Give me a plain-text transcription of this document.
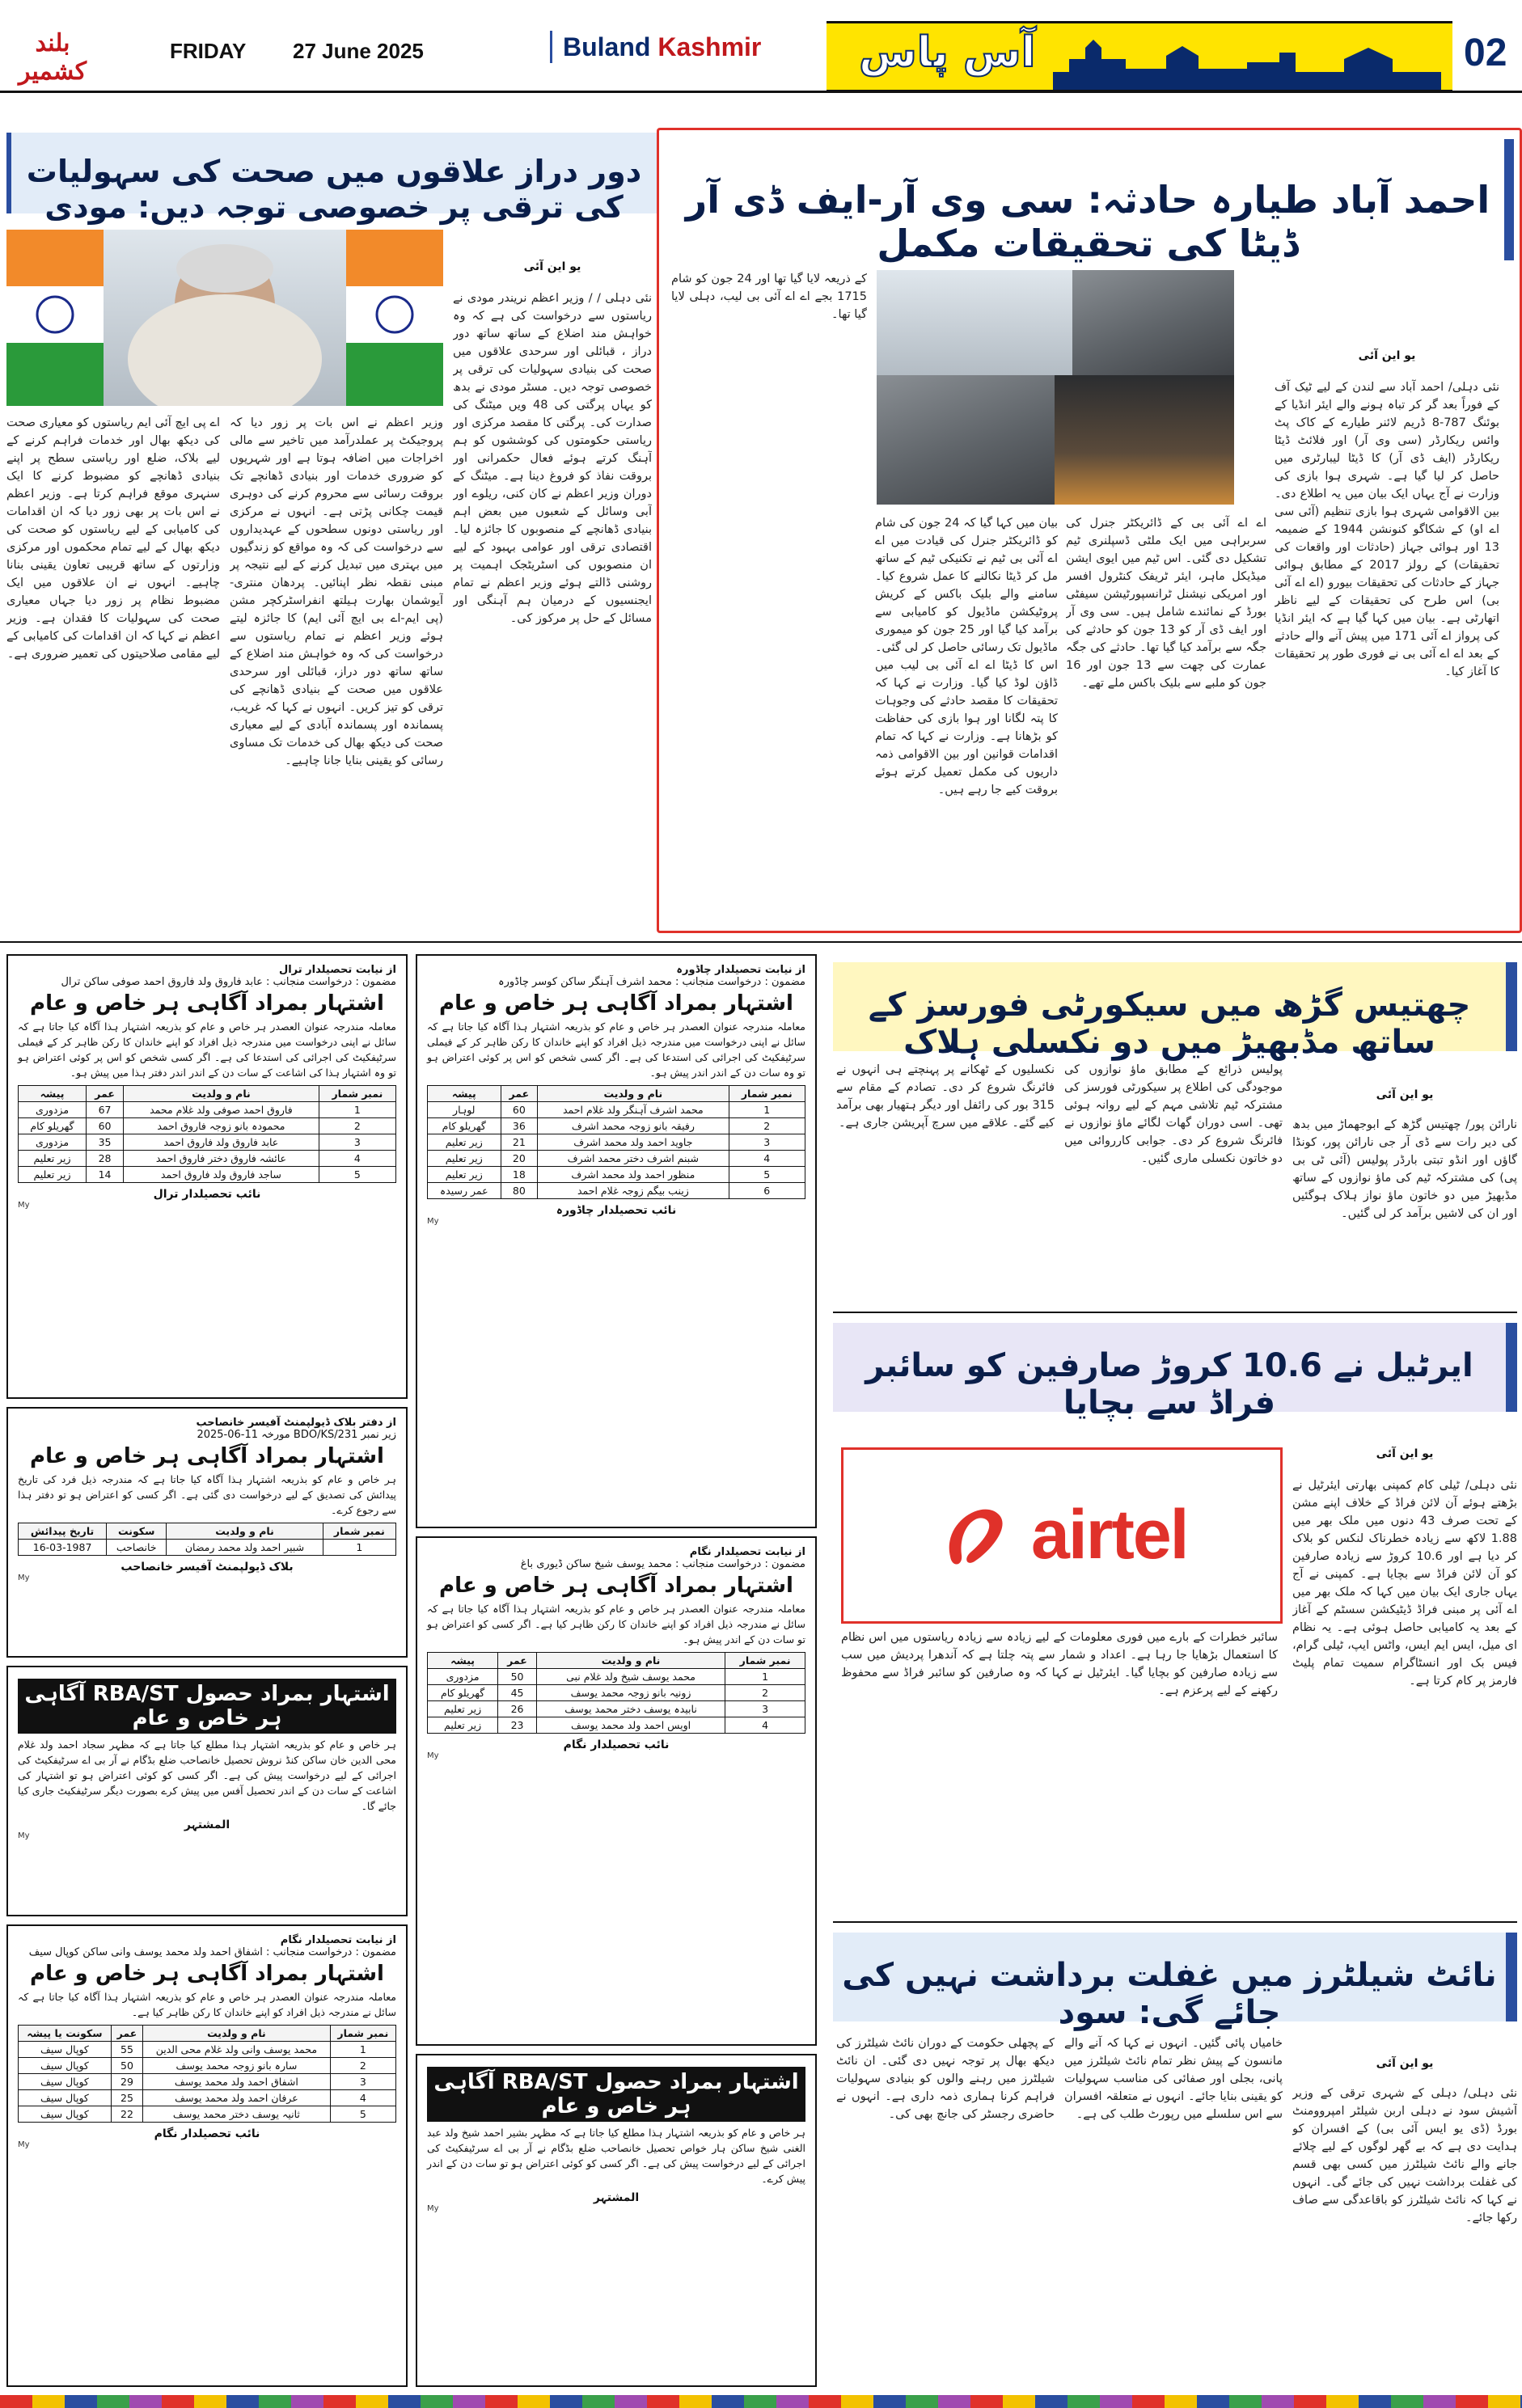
بلند کشمیر
FRIDAY 27 June 2025	Buland Kashmir آس پاس	02
دور دراز علاقوں میں صحت کی سہولیات کی ترقی پر خصوصی توجہ دیں: مودی
یو این آئی
نئی دہلی / / وزیر اعظم نریندر مودی نے ریاستوں سے درخواست کی ہے کہ وہ خواہش مند اضلاع کے ساتھ ساتھ دور دراز ، قبائلی اور سرحدی علاقوں میں صحت کی بنیادی سہولیات کی ترقی پر خصوصی توجہ دیں۔ مسٹر مودی نے بدھ کو یہاں پرگتی کی 48 ویں میٹنگ کی صدارت کی۔ پرگتی کا مقصد مرکزی اور ریاستی حکومتوں کی کوششوں کو ہم آہنگ کرتے ہوئے فعال حکمرانی اور بروقت نفاذ کو فروغ دینا ہے۔ میٹنگ کے دوران وزیر اعظم نے کان کنی، ریلوے اور آبی وسائل کے شعبوں میں بعض اہم بنیادی ڈھانچے کے منصوبوں کا جائزہ لیا۔ اقتصادی ترقی اور عوامی بہبود کے لیے ان منصوبوں کی اسٹریٹجک اہمیت پر روشنی ڈالتے ہوئے وزیر اعظم نے تمام ایجنسیوں کے درمیان ہم آہنگی اور مسائل کے حل پر مرکوز کی۔
وزیر اعظم نے اس بات پر زور دیا کہ پروجیکٹ پر عملدرآمد میں تاخیر سے مالی اخراجات میں اضافہ ہوتا ہے اور شہریوں کو ضروری خدمات اور بنیادی ڈھانچے تک بروقت رسائی سے محروم کرنے کی دوہری قیمت چکانی پڑتی ہے۔ انہوں نے مرکزی اور ریاستی دونوں سطحوں کے عہدیداروں سے درخواست کی کہ وہ مواقع کو زندگیوں میں بہتری میں تبدیل کرنے کے لیے نتیجہ پر مبنی نقطہ نظر اپنائیں۔ پردھان منتری-آیوشمان بھارت ہیلتھ انفراسٹرکچر مشن (پی ایم-اے بی ایچ آئی ایم) کا جائزہ لیتے ہوئے وزیر اعظم نے تمام ریاستوں سے درخواست کی کہ وہ خواہش مند اضلاع کے ساتھ ساتھ دور دراز، قبائلی اور سرحدی علاقوں میں صحت کے بنیادی ڈھانچے کی ترقی کو تیز کریں۔ انہوں نے کہا کہ غریب، پسماندہ اور پسماندہ آبادی کے لیے معیاری صحت کی دیکھ بھال کی خدمات تک مساوی رسائی کو یقینی بنایا جانا چاہیے۔
اے پی ایچ آئی ایم ریاستوں کو معیاری صحت کی دیکھ بھال اور خدمات فراہم کرنے کے لیے بلاک، ضلع اور ریاستی سطح پر اپنے بنیادی ڈھانچے کو مضبوط کرنے کا ایک سنہری موقع فراہم کرتا ہے۔ وزیر اعظم نے اس بات پر بھی زور دیا کہ ان اقدامات کی کامیابی کے لیے ریاستوں کو صحت کی دیکھ بھال کے لیے تمام محکموں اور مرکزی وزارتوں کے ساتھ قریبی تعاون یقینی بنانا چاہیے۔ انہوں نے ان علاقوں میں ایک مضبوط نظام پر زور دیا جہاں معیاری صحت کی سہولیات کا فقدان ہے۔ وزیر اعظم نے کہا کہ ان اقدامات کی کامیابی کے لیے مقامی صلاحیتوں کی تعمیر ضروری ہے۔
احمد آباد طیارہ حادثہ: سی وی آر-ایف ڈی آر ڈیٹا کی تحقیقات مکمل
یو این آئی
نئی دہلی/ احمد آباد سے لندن کے لیے ٹیک آف کے فوراً بعد گر کر تباہ ہونے والے ایئر انڈیا کے بوئنگ 787-8 ڈریم لائنر طیارے کے کاک پٹ وائس ریکارڈر (سی وی آر) اور فلائٹ ڈیٹا ریکارڈر (ایف ڈی آر) کا ڈیٹا لیبارٹری میں حاصل کر لیا گیا ہے۔ شہری ہوا بازی کی وزارت نے آج یہاں ایک بیان میں یہ اطلاع دی۔ بین الاقوامی شہری ہوا بازی تنظیم (آئی سی اے او) کے شکاگو کنونشن 1944 کے ضمیمہ 13 اور ہوائی جہاز (حادثات اور واقعات کی تحقیقات) کے رولز 2017 کے مطابق ہوائی جہاز کے حادثات کی تحقیقات بیورو (اے اے آئی بی) اس طرح کی تحقیقات کے لیے ناظر اتھارٹی ہے۔ بیان میں کہا گیا ہے کہ ایئر انڈیا کی پرواز اے آئی 171 میں پیش آنے والے حادثے کے بعد اے اے آئی بی نے فوری طور پر تحقیقات کا آغاز کیا۔
اے اے آئی بی کے ڈائریکٹر جنرل کی سربراہی میں ایک ملٹی ڈسپلنری ٹیم تشکیل دی گئی۔ اس ٹیم میں ایوی ایشن میڈیکل ماہر، ایئر ٹریفک کنٹرول افسر اور امریکی نیشنل ٹرانسپورٹیشن سیفٹی بورڈ کے نمائندے شامل ہیں۔ سی وی آر اور ایف ڈی آر کو 13 جون کو حادثے کی جگہ سے برآمد کیا گیا تھا۔ حادثے کی جگہ عمارت کی چھت سے 13 جون اور 16 جون کو ملبے سے بلیک باکس ملے تھے۔
بیان میں کہا گیا کہ 24 جون کی شام کو ڈائریکٹر جنرل کی قیادت میں اے اے آئی بی ٹیم نے تکنیکی ٹیم کے ساتھ مل کر ڈیٹا نکالنے کا عمل شروع کیا۔ سامنے والے بلیک باکس کے کریش پروٹیکشن ماڈیول کو کامیابی سے برآمد کیا گیا اور 25 جون کو میموری ماڈیول تک رسائی حاصل کر لی گئی۔ اس کا ڈیٹا اے اے آئی بی لیب میں ڈاؤن لوڈ کیا گیا۔ وزارت نے کہا کہ تحقیقات کا مقصد حادثے کی وجوہات کا پتہ لگانا اور ہوا بازی کی حفاظت کو بڑھانا ہے۔ وزارت نے کہا کہ تمام اقدامات قوانین اور بین الاقوامی ذمہ داریوں کی مکمل تعمیل کرتے ہوئے بروقت کیے جا رہے ہیں۔
کے ذریعہ لایا گیا تھا اور 24 جون کو شام 1715 بجے اے اے آئی بی لیب، دہلی لایا گیا تھا۔
از نیابت تحصیلدار ترال
مضمون : درخواست منجانب : عابد فاروق ولد فاروق احمد صوفی ساکن ترال
اشتہار بمراد آگاہی ہر خاص و عام
معاملہ مندرجہ عنوان العصدر ہر خاص و عام کو بذریعہ اشتہار ہذا آگاہ کیا جاتا ہے کہ سائل نے اپنی درخواست میں مندرجہ ذیل افراد کو اپنے خاندان کا رکن ظاہر کر کے فیملی سرٹیفکیٹ کی اجرائی کی استدعا کی ہے۔ اگر کسی شخص کو اس پر کوئی اعتراض ہو تو وہ اشتہار ہذا کی اشاعت کے سات دن کے اندر اندر دفتر ہذا میں پیش ہو۔
نمبر شمار	نام و ولدیت	عمر	پیشہ
1	فاروق احمد صوفی ولد غلام محمد	67	مزدوری
2	محمودہ بانو زوجہ فاروق احمد	60	گھریلو کام
3	عابد فاروق ولد فاروق احمد	35	مزدوری
4	عائشہ فاروق دختر فاروق احمد	28	زیر تعلیم
5	ساجد فاروق ولد فاروق احمد	14	زیر تعلیم
نائب تحصیلدار ترال
My
از دفتر بلاک ڈیولپمنٹ آفیسر خانصاحب
زیر نمبر BDO/KS/231 مورخہ 11-06-2025
اشتہار بمراد آگاہی ہر خاص و عام
ہر خاص و عام کو بذریعہ اشتہار ہذا آگاہ کیا جاتا ہے کہ مندرجہ ذیل فرد کی تاریخ پیدائش کی تصدیق کے لیے درخواست دی گئی ہے۔ اگر کسی کو اعتراض ہو تو دفتر ہذا سے رجوع کرے۔
نمبر شمار	نام و ولدیت	سکونت	تاریخ پیدائش
1	شبیر احمد ولد محمد رمضان	خانصاحب	16-03-1987
بلاک ڈیولپمنٹ آفیسر خانصاحب
My
اشتہار بمراد حصول RBA/ST آگاہی ہر خاص و عام
ہر خاص و عام کو بذریعہ اشتہار ہذا مطلع کیا جاتا ہے کہ مظہر سجاد احمد ولد غلام محی الدین خان ساکن کنڈ نروش تحصیل خانصاحب ضلع بڈگام نے آر بی اے سرٹیفکیٹ کی اجرائی کے لیے درخواست پیش کی ہے۔ اگر کسی کو کوئی اعتراض ہو تو اشتہار کی اشاعت کے سات دن کے اندر تحصیل آفس میں پیش کرے بصورت دیگر سرٹیفکیٹ جاری کیا جائے گا۔
المشتہر
My
از نیابت تحصیلدار نگام
مضمون : درخواست منجانب : اشفاق احمد ولد محمد یوسف وانی ساکن کوپال سیف
اشتہار بمراد آگاہی ہر خاص و عام
معاملہ مندرجہ عنوان العصدر ہر خاص و عام کو بذریعہ اشتہار ہذا آگاہ کیا جاتا ہے کہ سائل نے مندرجہ ذیل افراد کو اپنے خاندان کا رکن ظاہر کیا ہے۔
نمبر شمار	نام و ولدیت	عمر	سکونت یا پیشہ
1	محمد یوسف وانی ولد غلام محی الدین	55	کوپال سیف
2	سارہ بانو زوجہ محمد یوسف	50	کوپال سیف
3	اشفاق احمد ولد محمد یوسف	29	کوپال سیف
4	عرفان احمد ولد محمد یوسف	25	کوپال سیف
5	ثانیہ یوسف دختر محمد یوسف	22	کوپال سیف
نائب تحصیلدار نگام
My
از نیابت تحصیلدار چاڈورہ
مضمون : درخواست منجانب : محمد اشرف آہنگر ساکن کوسر چاڈورہ
اشتہار بمراد آگاہی ہر خاص و عام
معاملہ مندرجہ عنوان العصدر ہر خاص و عام کو بذریعہ اشتہار ہذا آگاہ کیا جاتا ہے کہ سائل نے اپنی درخواست میں مندرجہ ذیل افراد کو اپنے خاندان کا رکن ظاہر کر کے فیملی سرٹیفکیٹ کی اجرائی کی استدعا کی ہے۔ اگر کسی شخص کو اس پر کوئی اعتراض ہو تو وہ سات دن کے اندر اندر پیش ہو۔
نمبر شمار	نام و ولدیت	عمر	پیشہ
1	محمد اشرف آہنگر ولد غلام احمد	60	لوہار
2	رفیقہ بانو زوجہ محمد اشرف	36	گھریلو کام
3	جاوید احمد ولد محمد اشرف	21	زیر تعلیم
4	شبنم اشرف دختر محمد اشرف	20	زیر تعلیم
5	منظور احمد ولد محمد اشرف	18	زیر تعلیم
6	زینب بیگم زوجہ غلام احمد	80	عمر رسیدہ
نائب تحصیلدار چاڈورہ
My
از نیابت تحصیلدار نگام
مضمون : درخواست منجانب : محمد یوسف شیخ ساکن ڈیوری باغ
اشتہار بمراد آگاہی ہر خاص و عام
معاملہ مندرجہ عنوان العصدر ہر خاص و عام کو بذریعہ اشتہار ہذا آگاہ کیا جاتا ہے کہ سائل نے مندرجہ ذیل افراد کو اپنے خاندان کا رکن ظاہر کیا ہے۔ اگر کسی کو اعتراض ہو تو سات دن کے اندر پیش ہو۔
نمبر شمار	نام و ولدیت	عمر	پیشہ
1	محمد یوسف شیخ ولد غلام نبی	50	مزدوری
2	زونیہ بانو زوجہ محمد یوسف	45	گھریلو کام
3	نابیدہ یوسف دختر محمد یوسف	26	زیر تعلیم
4	اویس احمد ولد محمد یوسف	23	زیر تعلیم
نائب تحصیلدار نگام
My
اشتہار بمراد حصول RBA/ST آگاہی ہر خاص و عام
ہر خاص و عام کو بذریعہ اشتہار ہذا مطلع کیا جاتا ہے کہ مظہر بشیر احمد شیخ ولد عبد الغنی شیخ ساکن ہار خواص تحصیل خانصاحب ضلع بڈگام نے آر بی اے سرٹیفکیٹ کی اجرائی کے لیے درخواست پیش کی ہے۔ اگر کسی کو کوئی اعتراض ہو تو سات دن کے اندر پیش کرے۔
المشتہر
My
چھتیس گڑھ میں سیکورٹی فورسز کے ساتھ مڈبھیڑ میں دو نکسلی ہلاک
یو این آئی
نارائن پور/ چھتیس گڑھ کے ابوجھماڑ میں بدھ کی دیر رات سے ڈی آر جی نارائن پور، کونڈا گاؤں اور انڈو تبتی بارڈر پولیس (آئی ٹی بی پی) کی مشترکہ ٹیم کی ماؤ نوازوں کے ساتھ مڈبھیڑ میں دو خاتون ماؤ نواز ہلاک ہوگئیں اور ان کی لاشیں برآمد کر لی گئیں۔
پولیس ذرائع کے مطابق ماؤ نوازوں کی موجودگی کی اطلاع پر سیکورٹی فورسز کی مشترکہ ٹیم تلاشی مہم کے لیے روانہ ہوئی تھی۔ اسی دوران گھات لگائے ماؤ نوازوں نے فائرنگ شروع کر دی۔ جوابی کارروائی میں دو خاتون نکسلی ماری گئیں۔
نکسلیوں کے ٹھکانے پر پہنچتے ہی انہوں نے فائرنگ شروع کر دی۔ تصادم کے مقام سے 315 بور کی رائفل اور دیگر ہتھیار بھی برآمد کیے گئے۔ علاقے میں سرچ آپریشن جاری ہے۔
ایرٹیل نے 10.6 کروڑ صارفین کو سائبر فراڈ سے بچایا
airtel
یو این آئی
نئی دہلی/ ٹیلی کام کمپنی بھارتی ایئرٹیل نے بڑھتے ہوئے آن لائن فراڈ کے خلاف اپنے مشن کے تحت صرف 43 دنوں میں ملک بھر میں 1.88 لاکھ سے زیادہ خطرناک لنکس کو بلاک کر دیا ہے اور 10.6 کروڑ سے زیادہ صارفین کو آن لائن فراڈ سے بچایا ہے۔ کمپنی نے آج یہاں جاری ایک بیان میں کہا کہ ملک بھر میں اے آئی پر مبنی فراڈ ڈیٹیکشن سسٹم کے آغاز کے بعد یہ کامیابی حاصل ہوئی ہے۔ یہ نظام ای میل، ایس ایم ایس، واٹس ایپ، ٹیلی گرام، فیس بک اور انسٹاگرام سمیت تمام پلیٹ فارمز پر کام کرتا ہے۔
سائبر خطرات کے بارے میں فوری معلومات کے لیے زیادہ سے زیادہ ریاستوں میں اس نظام کا استعمال بڑھایا جا رہا ہے۔ اعداد و شمار سے پتہ چلتا ہے کہ آندھرا پردیش میں سب سے زیادہ صارفین کو بچایا گیا۔ ایئرٹیل نے کہا کہ وہ صارفین کو سائبر فراڈ سے محفوظ رکھنے کے لیے پرعزم ہے۔
نائٹ شیلٹرز میں غفلت برداشت نہیں کی جائے گی: سود
یو این آئی
نئی دہلی/ دہلی کے شہری ترقی کے وزیر آشیش سود نے دہلی اربن شیلٹر امپروومنٹ بورڈ (ڈی یو ایس آئی بی) کے افسران کو ہدایت دی ہے کہ بے گھر لوگوں کے لیے چلائے جانے والے نائٹ شیلٹرز میں کسی بھی قسم کی غفلت برداشت نہیں کی جائے گی۔ انہوں نے کہا کہ نائٹ شیلٹرز کو باقاعدگی سے صاف رکھا جائے۔
خامیاں پائی گئیں۔ انہوں نے کہا کہ آنے والے مانسون کے پیش نظر تمام نائٹ شیلٹرز میں پانی، بجلی اور صفائی کی مناسب سہولیات کو یقینی بنایا جائے۔ انہوں نے متعلقہ افسران سے اس سلسلے میں رپورٹ طلب کی ہے۔
کے پچھلی حکومت کے دوران نائٹ شیلٹرز کی دیکھ بھال پر توجہ نہیں دی گئی۔ ان نائٹ شیلٹرز میں رہنے والوں کو بنیادی سہولیات فراہم کرنا ہماری ذمہ داری ہے۔ انہوں نے حاضری رجسٹر کی جانچ بھی کی۔
